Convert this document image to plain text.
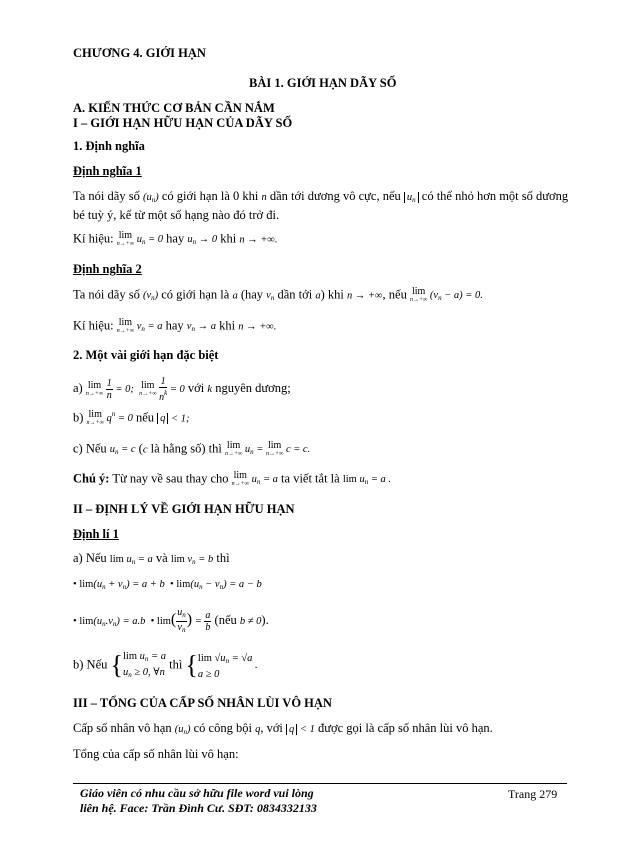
CHƯƠNG 4. GIỚI HẠN
BÀI 1. GIỚI HẠN DÃY SỐ
A. KIẾN THỨC CƠ BẢN CẦN NẮM
I – GIỚI HẠN HỮU HẠN CỦA DÃY SỐ
1. Định nghĩa
Định nghĩa 1
Ta nói dãy số $(u_n)$ có giới hạn là 0 khi n dần tới dương vô cực, nếu $u_n$ có thể nhỏ hơn một số dương
bé tuỳ ý, kể từ một số hạng nào đó trở đi.
Kí hiệu: lim
n→+∞ $u_n = 0$ hay $u_n \to 0$ khi n → +∞.
Định nghĩa 2
Ta nói dãy số $(v_n)$ có giới hạn là a (hay $v_n$ dần tới a) khi n → +∞, nếu lim
n→+∞ $(v_n - a) = 0$.
Kí hiệu: lim
n→+∞ $v_n = a$ hay $v_n \to a$ khi n → +∞.
2. Một vài giới hạn đặc biệt
a) lim
n→+∞
$\frac{1}{n} = 0$; lim
n→+∞
$\frac{1}{n^k} = 0$ với k nguyên dương;
b) lim
n→+∞ $q^n = 0$ nếu q < 1;
c) Nếu $u_n = c$ (c là hằng số) thì lim
n→+∞ $u_n = \lim$
n→+∞ c = c.
Chú ý: Từ nay về sau thay cho lim
n→+∞ $u_n = a$ ta viết tắt là $\lim u_n = a$ .
II – ĐỊNH LÝ VỀ GIỚI HẠN HỮU HẠN
Định lí 1
a) Nếu $\lim u_n = a$ và $\lim v_n = b$ thì
• $\lim(u_n + v_n) = a + b$  • $\lim(u_n - v_n) = a - b$
• $\lim(u_n.v_n) = a.b$  • $\lim( \frac{u_n}{v_n}$ ) = $\frac{a}{b}$ (nếu b ≠ 0).
b) Nếu {lim $u_n = a$
$u_n \ge 0$, ∀n thì {lim $√u_n = √a$
a ≥ 0 .
III – TỔNG CỦA CẤP SỐ NHÂN LÙI VÔ HẠN
Cấp số nhân vô hạn $(u_n)$ có công bội q, với q < 1 được gọi là cấp số nhân lùi vô hạn.
Tổng của cấp số nhân lùi vô hạn:
Giáo viên có nhu cầu sở hữu file word vui lòng
liên hệ. Face: Trần Đình Cư. SĐT: 0834332133
Trang 279
